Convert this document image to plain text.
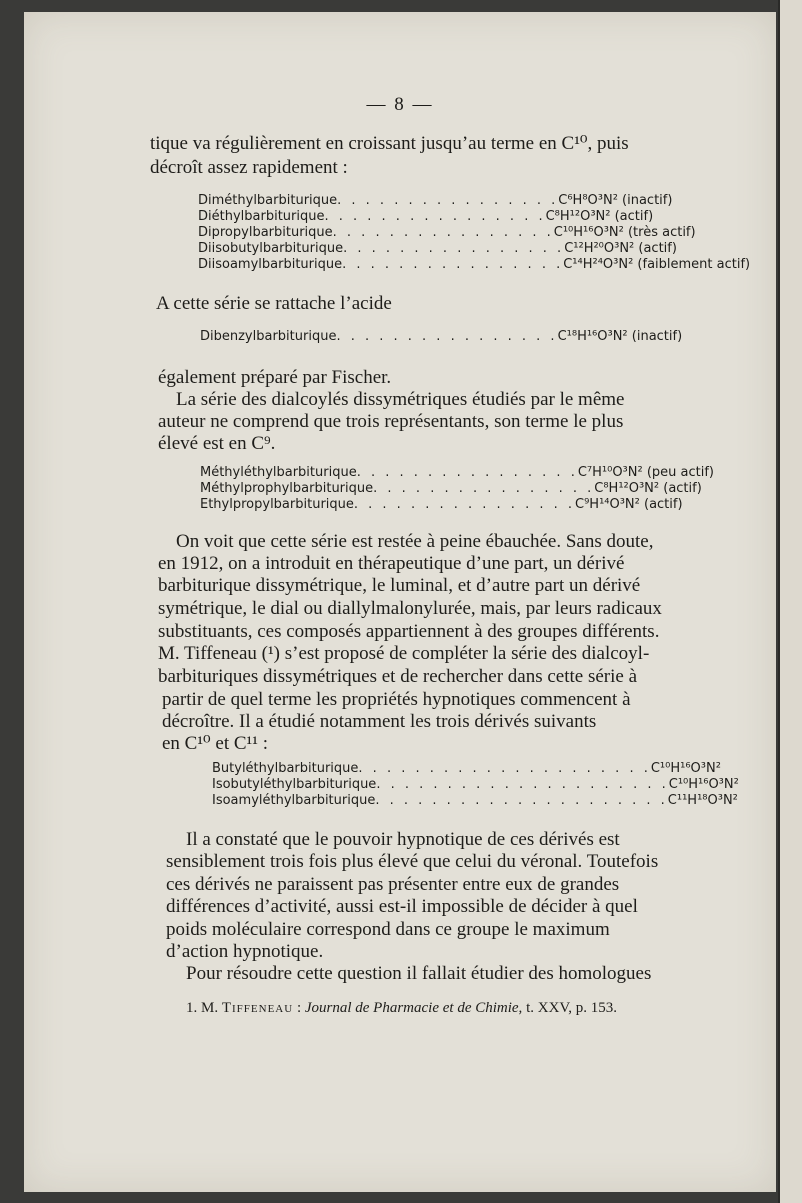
— 8 —

tique va régulièrement en croissant jusqu’au terme en C¹⁰, puis

décroît assez rapidement :

Diméthylbarbiturique . . . . . . . . . . . . . . . . C⁶H⁸O³N² (inactif)
Diéthylbarbiturique . . . . . . . . . . . . . . . . C⁸H¹²O³N² (actif)
Dipropylbarbiturique . . . . . . . . . . . . . . . . C¹⁰H¹⁶O³N² (très actif)
Diisobutylbarbiturique . . . . . . . . . . . . . . . . C¹²H²⁰O³N² (actif)
Diisoamylbarbiturique . . . . . . . . . . . . . . . . C¹⁴H²⁴O³N² (faiblement actif)

A cette série se rattache l’acide

Dibenzylbarbiturique . . . . . . . . . . . . . . . . C¹⁸H¹⁶O³N² (inactif)

également préparé par Fischer.

La série des dialcoylés dissymétriques étudiés par le même

auteur ne comprend que trois représentants, son terme le plus

élevé est en C⁹.

Méthyléthylbarbiturique . . . . . . . . . . . . . . . . C⁷H¹⁰O³N² (peu actif)
Méthylprophylbarbiturique . . . . . . . . . . . . . . . . C⁸H¹²O³N² (actif)
Ethylpropylbarbiturique . . . . . . . . . . . . . . . . C⁹H¹⁴O³N² (actif)

On voit que cette série est restée à peine ébauchée. Sans doute,

en 1912, on a introduit en thérapeutique d’une part, un dérivé

barbiturique dissymétrique, le luminal, et d’autre part un dérivé

symétrique, le dial ou diallylmalonylurée, mais, par leurs radicaux

substituants, ces composés appartiennent à des groupes différents.

M. Tiffeneau (¹) s’est proposé de compléter la série des dialcoyl-

barbituriques dissymétriques et de rechercher dans cette série à

partir de quel terme les propriétés hypnotiques commencent à

décroître. Il a étudié notamment les trois dérivés suivants

en C¹⁰ et C¹¹ :

Butyléthylbarbiturique . . . . . . . . . . . . . . . . . . . . . C¹⁰H¹⁶O³N²
Isobutyléthylbarbiturique . . . . . . . . . . . . . . . . . . . . . C¹⁰H¹⁶O³N²
Isoamyléthylbarbiturique . . . . . . . . . . . . . . . . . . . . . C¹¹H¹⁸O³N²

Il a constaté que le pouvoir hypnotique de ces dérivés est

sensiblement trois fois plus élevé que celui du véronal. Toutefois

ces dérivés ne paraissent pas présenter entre eux de grandes

différences d’activité, aussi est-il impossible de décider à quel

poids moléculaire correspond dans ce groupe le maximum

d’action hypnotique.

Pour résoudre cette question il fallait étudier des homologues

1. M. Tiffeneau : Journal de Pharmacie et de Chimie, t. XXV, p. 153.
